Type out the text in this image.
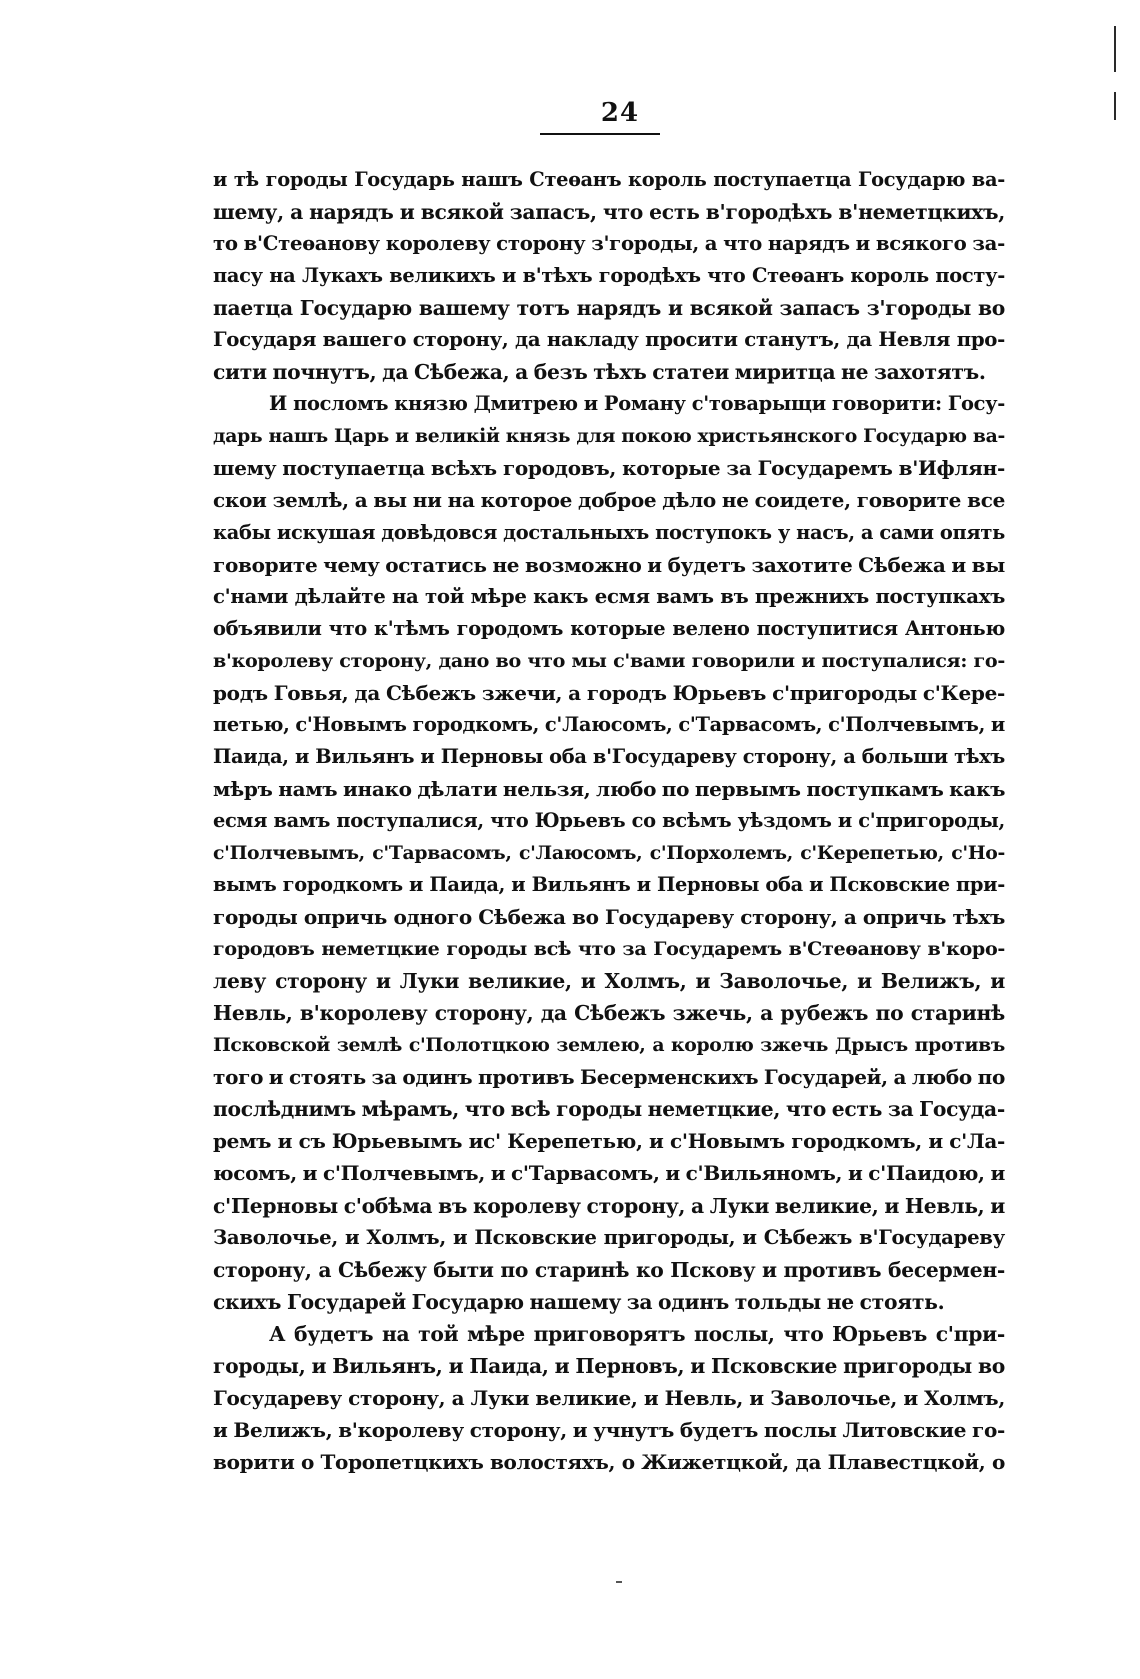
24
и тѣ городы Государь нашъ Стеѳанъ король поступаетца Государю ва-
шему, а нарядъ и всякой запасъ, что есть в'городѣхъ в'неметцкихъ,
то в'Стеѳанову королеву сторону з'городы, а что нарядъ и всякого за-
пасу на Лукахъ великихъ и в'тѣхъ городѣхъ что Стеѳанъ король посту-
паетца Государю вашему тотъ нарядъ и всякой запасъ з'городы во
Государя вашего сторону, да накладу просити станутъ, да Невля про-
сити почнутъ, да Сѣбежа, а безъ тѣхъ статеи миритца не захотятъ.
И посломъ князю Дмитрею и Роману с'товарыщи говорити: Госу-
дарь нашъ Царь и великій князь для покою христьянского Государю ва-
шему поступаетца всѣхъ городовъ, которые за Государемъ в'Ифлян-
скои землѣ, а вы ни на которое доброе дѣло не соидете, говорите все
кабы искушая довѣдовся достальныхъ поступокъ у насъ, а сами опять
говорите чему остатись не возможно и будетъ захотите Сѣбежа и вы
с'нами дѣлайте на той мѣре какъ есмя вамъ въ прежнихъ поступкахъ
объявили что к'тѣмъ городомъ которые велено поступитися Антонью
в'королеву сторону, дано во что мы с'вами говорили и поступалися: го-
родъ Говья, да Сѣбежъ зжечи, а городъ Юрьевъ с'пригороды с'Кере-
петью, с'Новымъ городкомъ, с'Лаюсомъ, с'Тарвасомъ, с'Полчевымъ, и
Паида, и Вильянъ и Перновы оба в'Государеву сторону, а больши тѣхъ
мѣръ намъ инако дѣлати нельзя, любо по первымъ поступкамъ какъ
есмя вамъ поступалися, что Юрьевъ со всѣмъ уѣздомъ и с'пригороды,
с'Полчевымъ, с'Тарвасомъ, с'Лаюсомъ, с'Порхолемъ, с'Керепетью, с'Но-
вымъ городкомъ и Паида, и Вильянъ и Перновы оба и Псковские при-
городы опричь одного Сѣбежа во Государеву сторону, а опричь тѣхъ
городовъ неметцкие городы всѣ что за Государемъ в'Стеѳанову в'коро-
леву сторону и Луки великие, и Холмъ, и Заволочье, и Велижъ, и
Невль, в'королеву сторону, да Сѣбежъ зжечь, а рубежъ по старинѣ
Псковской землѣ с'Полотцкою землею, а королю зжечь Дрысъ противъ
того и стоять за одинъ противъ Бесерменскихъ Государей, а любо по
послѣднимъ мѣрамъ, что всѣ городы неметцкие, что есть за Госуда-
ремъ и съ Юрьевымъ ис' Керепетью, и с'Новымъ городкомъ, и с'Ла-
юсомъ, и с'Полчевымъ, и с'Тарвасомъ, и с'Вильяномъ, и с'Паидою, и
с'Перновы с'обѣма въ королеву сторону, а Луки великие, и Невль, и
Заволочье, и Холмъ, и Псковские пригороды, и Сѣбежъ в'Государеву
сторону, а Сѣбежу быти по старинѣ ко Пскову и противъ бесермен-
скихъ Государей Государю нашему за одинъ тольды не стоять.
А будетъ на той мѣре приговорятъ послы, что Юрьевъ с'при-
городы, и Вильянъ, и Паида, и Перновъ, и Псковские пригороды во
Государеву сторону, а Луки великие, и Невль, и Заволочье, и Холмъ,
и Велижъ, в'королеву сторону, и учнутъ будетъ послы Литовские го-
ворити о Торопетцкихъ волостяхъ, о Жижетцкой, да Плавестцкой, о
